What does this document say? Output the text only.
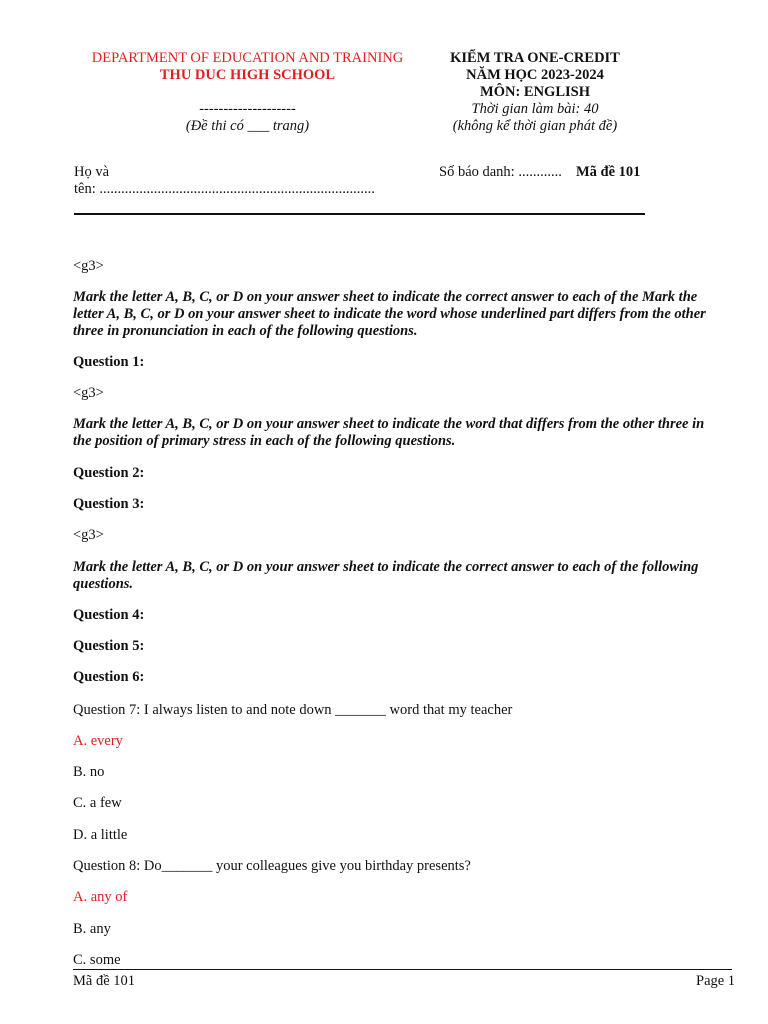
DEPARTMENT OF EDUCATION AND TRAINING
THU DUC HIGH SCHOOL
--------------------
(Đề thi có ___ trang)
KIỂM TRA ONE-CREDIT
NĂM HỌC 2023-2024
MÔN: ENGLISH
Thời gian làm bài: 40
(không kể thời gian phát đề)
Họ và
tên: ............................................................................
Số báo danh: ............ Mã đề 101

<g3>

Mark the letter A, B, C, or D on your answer sheet to indicate the correct answer to each of the Mark the letter A, B, C, or D on your answer sheet to indicate the word whose underlined part differs from the other three in pronunciation in each of the following questions.

Question 1:

<g3>

Mark the letter A, B, C, or D on your answer sheet to indicate the word that differs from the other three in the position of primary stress in each of the following questions.

Question 2:

Question 3:

<g3>

Mark the letter A, B, C, or D on your answer sheet to indicate the correct answer to each of the following questions.

Question 4:

Question 5:

Question 6:

Question 7: I always listen to and note down _______ word that my teacher

A. every

B. no

C. a few

D. a little

Question 8: Do_______ your colleagues give you birthday presents?

A. any of

B. any

C. some

Mã đề 101	Page 1
